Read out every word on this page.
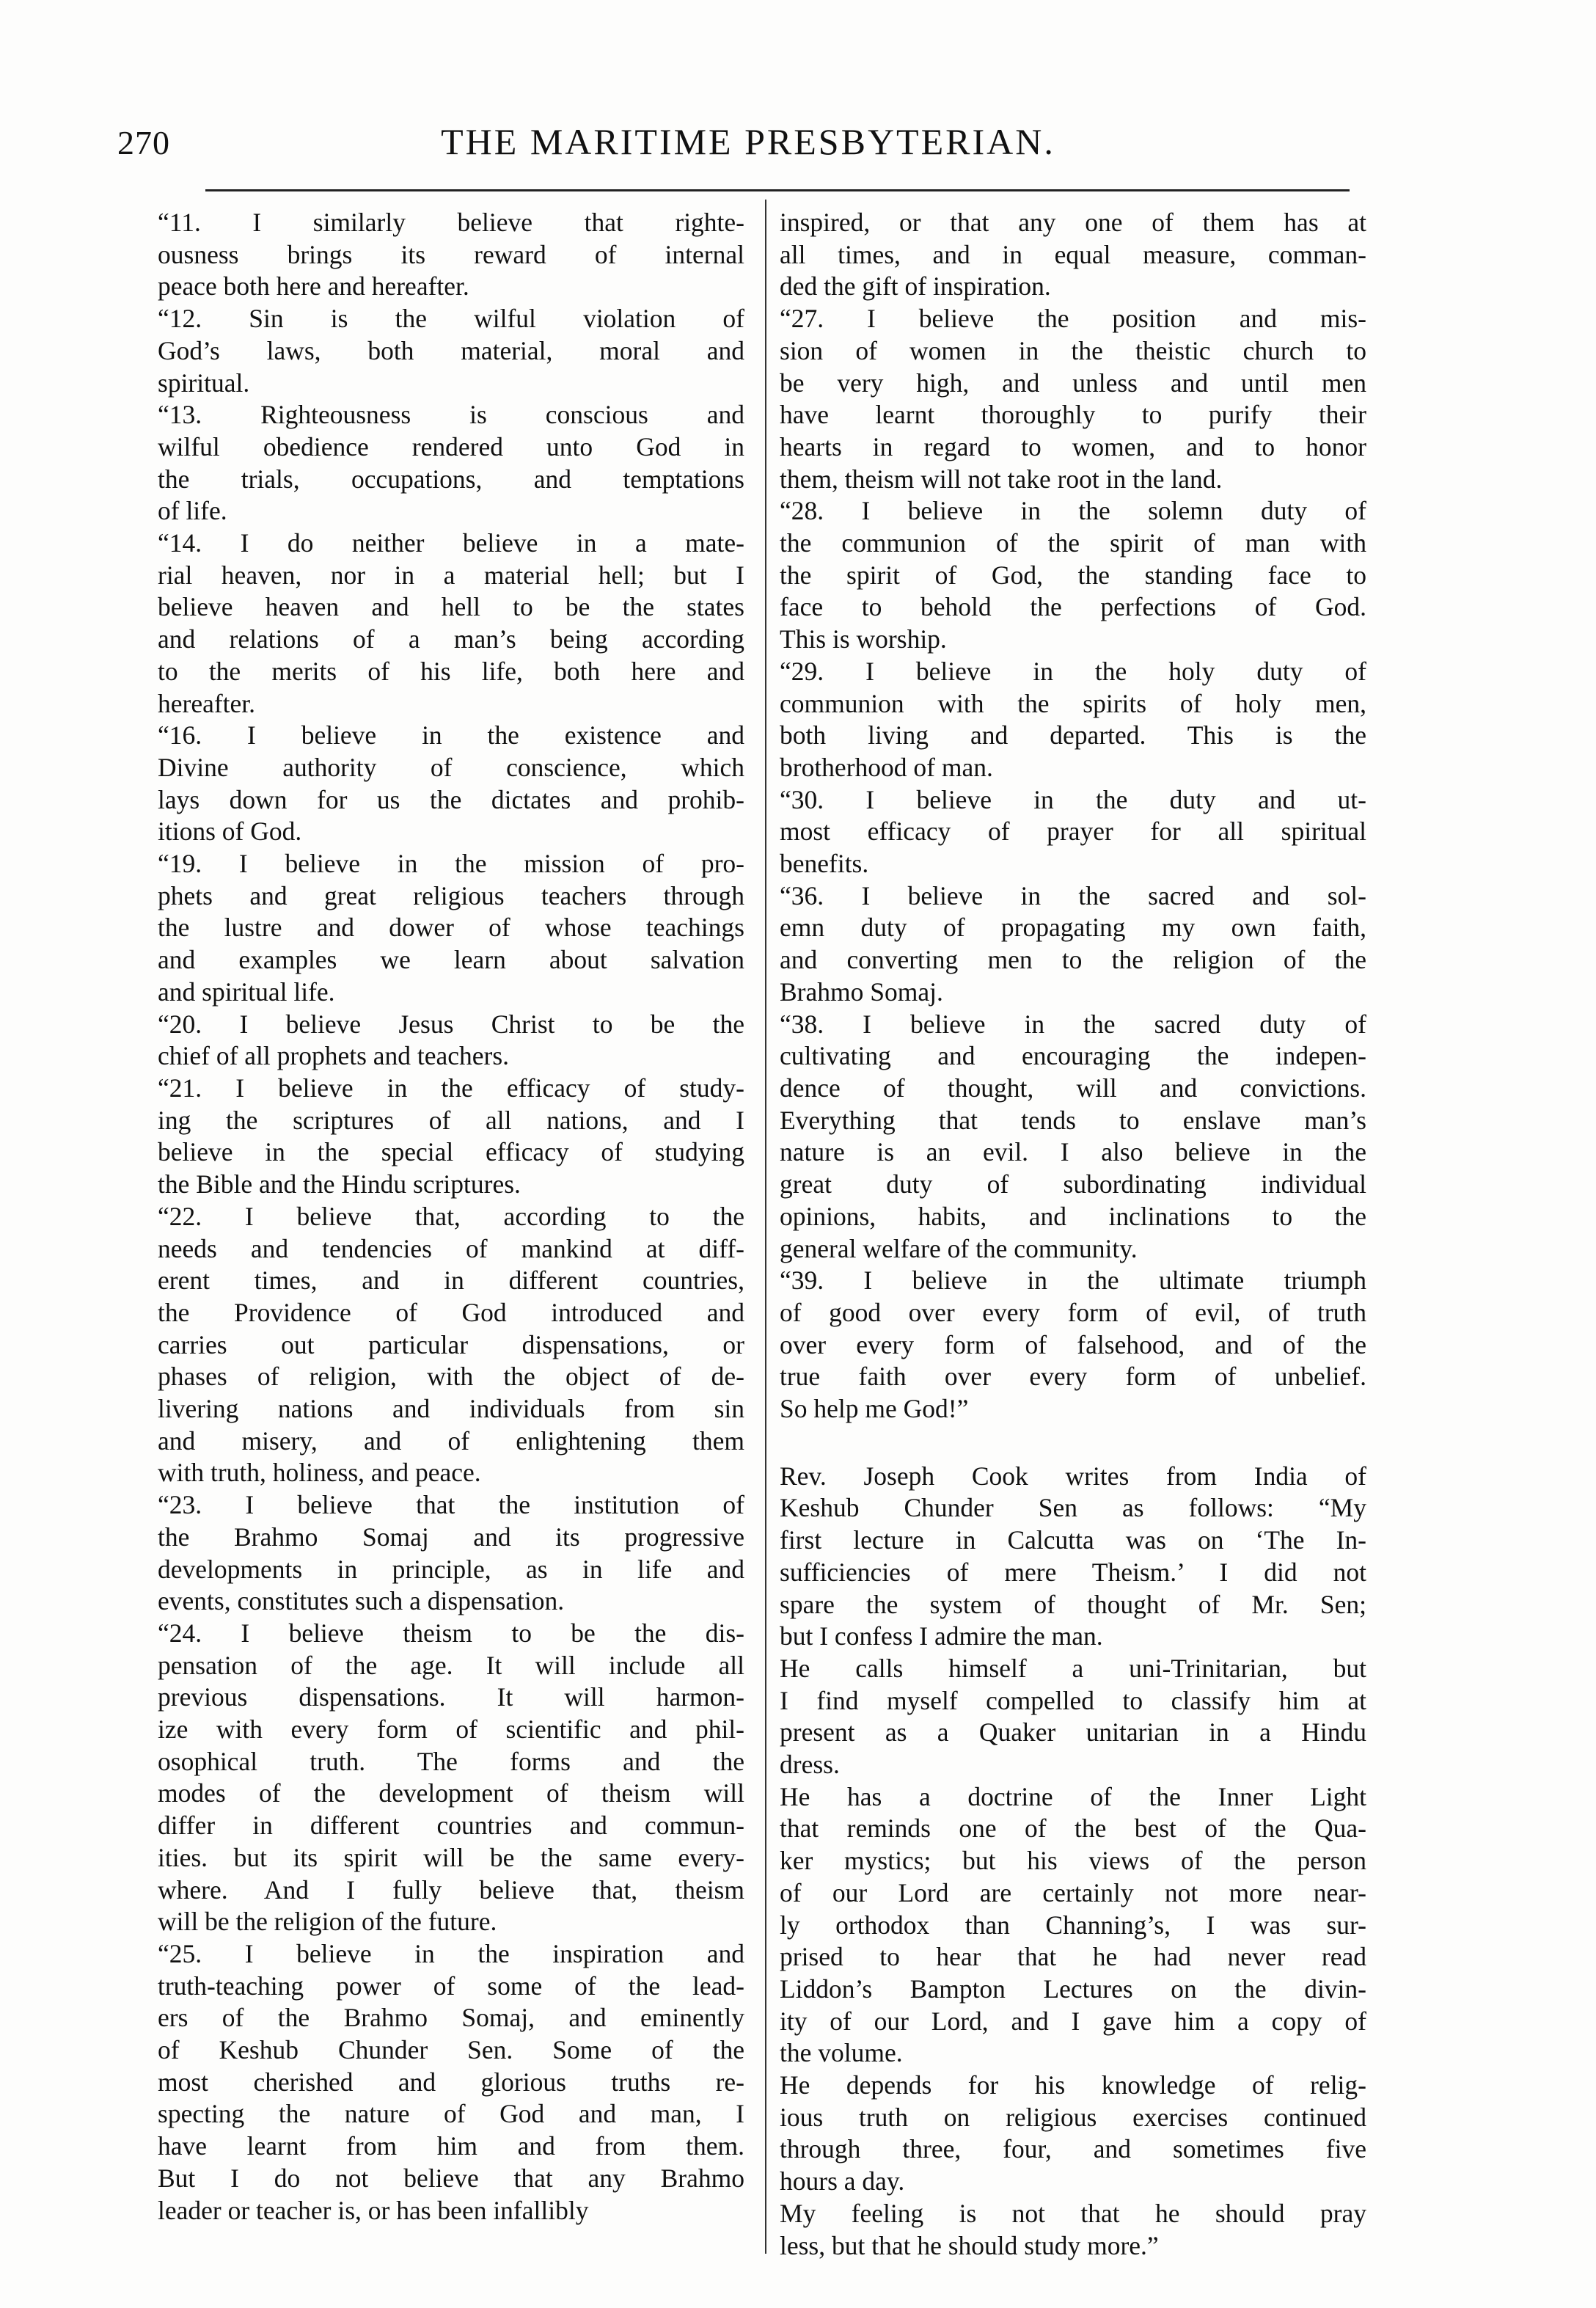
270	THE MARITIME PRESBYTERIAN.
“11. I similarly believe that righte-
ousness brings its reward of internal
peace both here and hereafter.
“12. Sin is the wilful violation of
God’s laws, both material, moral and
spiritual.
“13. Righteousness is conscious and
wilful obedience rendered unto God in
the trials, occupations, and temptations
of life.
“14. I do neither believe in a mate-
rial heaven, nor in a material hell; but I
believe heaven and hell to be the states
and relations of a man’s being according
to the merits of his life, both here and
hereafter.
“16. I believe in the existence and
Divine authority of conscience, which
lays down for us the dictates and prohib-
itions of God.
“19. I believe in the mission of pro-
phets and great religious teachers through
the lustre and dower of whose teachings
and examples we learn about salvation
and spiritual life.
“20. I believe Jesus Christ to be the
chief of all prophets and teachers.
“21. I believe in the efficacy of study-
ing the scriptures of all nations, and I
believe in the special efficacy of studying
the Bible and the Hindu scriptures.
“22. I believe that, according to the
needs and tendencies of mankind at diff-
erent times, and in different countries,
the Providence of God introduced and
carries out particular dispensations, or
phases of religion, with the object of de-
livering nations and individuals from sin
and misery, and of enlightening them
with truth, holiness, and peace.
“23. I believe that the institution of
the Brahmo Somaj and its progressive
developments in principle, as in life and
events, constitutes such a dispensation.
“24. I believe theism to be the dis-
pensation of the age. It will include all
previous dispensations. It will harmon-
ize with every form of scientific and phil-
osophical truth. The forms and the
modes of the development of theism will
differ in different countries and commun-
ities. but its spirit will be the same every-
where. And I fully believe that, theism
will be the religion of the future.
“25. I believe in the inspiration and
truth-teaching power of some of the lead-
ers of the Brahmo Somaj, and eminently
of Keshub Chunder Sen. Some of the
most cherished and glorious truths re-
specting the nature of God and man, I
have learnt from him and from them.
But I do not believe that any Brahmo
leader or teacher is, or has been infallibly
inspired, or that any one of them has at
all times, and in equal measure, comman-
ded the gift of inspiration.
“27. I believe the position and mis-
sion of women in the theistic church to
be very high, and unless and until men
have learnt thoroughly to purify their
hearts in regard to women, and to honor
them, theism will not take root in the land.
“28. I believe in the solemn duty of
the communion of the spirit of man with
the spirit of God, the standing face to
face to behold the perfections of God.
This is worship.
“29. I believe in the holy duty of
communion with the spirits of holy men,
both living and departed. This is the
brotherhood of man.
“30. I believe in the duty and ut-
most efficacy of prayer for all spiritual
benefits.
“36. I believe in the sacred and sol-
emn duty of propagating my own faith,
and converting men to the religion of the
Brahmo Somaj.
“38. I believe in the sacred duty of
cultivating and encouraging the indepen-
dence of thought, will and convictions.
Everything that tends to enslave man’s
nature is an evil. I also believe in the
great duty of subordinating individual
opinions, habits, and inclinations to the
general welfare of the community.
“39. I believe in the ultimate triumph
of good over every form of evil, of truth
over every form of falsehood, and of the
true faith over every form of unbelief.
So help me God!”
Rev. Joseph Cook writes from India of
Keshub Chunder Sen as follows: “My
first lecture in Calcutta was on ‘The In-
sufficiencies of mere Theism.’ I did not
spare the system of thought of Mr. Sen;
but I confess I admire the man.
He calls himself a uni-Trinitarian, but
I find myself compelled to classify him at
present as a Quaker unitarian in a Hindu
dress.
He has a doctrine of the Inner Light
that reminds one of the best of the Qua-
ker mystics; but his views of the person
of our Lord are certainly not more near-
ly orthodox than Channing’s, I was sur-
prised to hear that he had never read
Liddon’s Bampton Lectures on the divin-
ity of our Lord, and I gave him a copy of
the volume.
He depends for his knowledge of relig-
ious truth on religious exercises continued
through three, four, and sometimes five
hours a day.
My feeling is not that he should pray
less, but that he should study more.”
